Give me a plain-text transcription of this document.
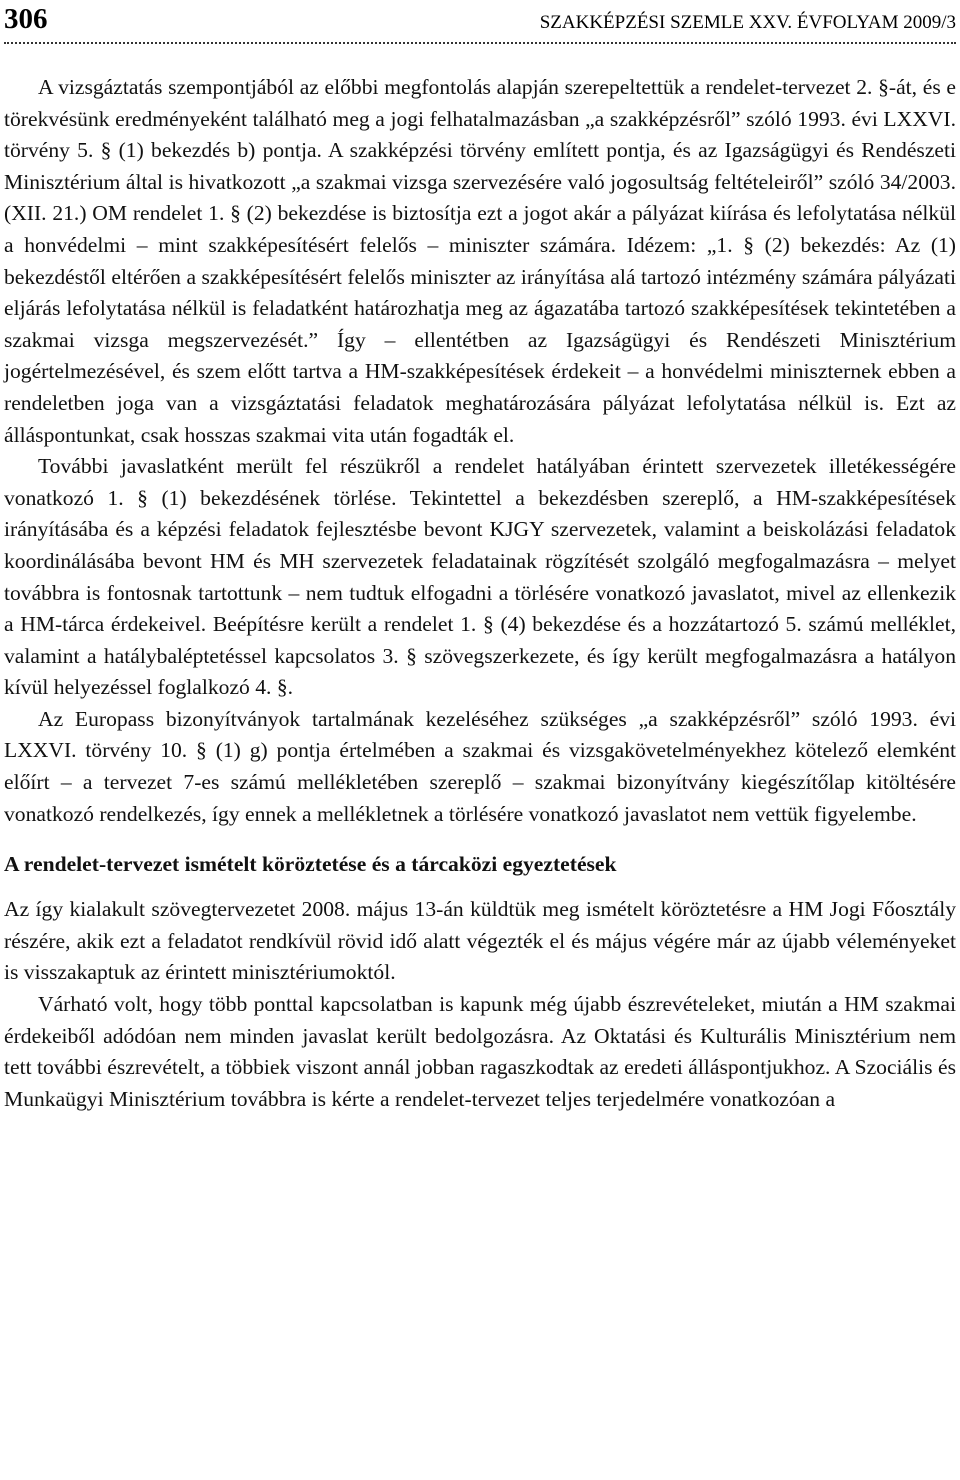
306	SZAKKÉPZÉSI SZEMLE XXV. ÉVFOLYAM 2009/3

A vizsgáztatás szempontjából az előbbi megfontolás alapján szerepeltettük a rendelet-tervezet 2. §-át, és e törekvésünk eredményeként található meg a jogi felhatalmazásban „a szakképzésről” szóló 1993. évi LXXVI. törvény 5. § (1) bekezdés b) pontja. A szakképzési törvény említett pontja, és az Igazságügyi és Rendészeti Minisztérium által is hivatkozott „a szakmai vizsga szervezésére való jogosultság feltételeiről” szóló 34/2003. (XII. 21.) OM rendelet 1. § (2) bekezdése is biztosítja ezt a jogot akár a pályázat kiírása és lefolytatása nélkül a honvédelmi – mint szakképesítésért felelős – miniszter számára. Idézem: „1. § (2) bekezdés: Az (1) bekezdéstől eltérően a szakképesítésért felelős miniszter az irányítása alá tartozó intézmény számára pályázati eljárás lefolytatása nélkül is feladatként határozhatja meg az ágazatába tartozó szakképesítések tekintetében a szakmai vizsga megszervezését.” Így – ellentétben az Igazságügyi és Rendészeti Minisztérium jogértelmezésével, és szem előtt tartva a HM-szakképesítések érdekeit – a honvédelmi miniszternek ebben a rendeletben joga van a vizsgáztatási feladatok meghatározására pályázat lefolytatása nélkül is. Ezt az álláspontunkat, csak hosszas szakmai vita után fogadták el.

További javaslatként merült fel részükről a rendelet hatályában érintett szervezetek illetékességére vonatkozó 1. § (1) bekezdésének törlése. Tekintettel a bekezdésben szereplő, a HM-szakképesítések irányításába és a képzési feladatok fejlesztésbe bevont KJGY szervezetek, valamint a beiskolázási feladatok koordinálásába bevont HM és MH szervezetek feladatainak rögzítését szolgáló megfogalmazásra – melyet továbbra is fontosnak tartottunk – nem tudtuk elfogadni a törlésére vonatkozó javaslatot, mivel az ellenkezik a HM-tárca érdekeivel. Beépítésre került a rendelet 1. § (4) bekezdése és a hozzátartozó 5. számú melléklet, valamint a hatálybaléptetéssel kapcsolatos 3. § szövegszerkezete, és így került megfogalmazásra a hatályon kívül helyezéssel foglalkozó 4. §.

Az Europass bizonyítványok tartalmának kezeléséhez szükséges „a szakképzésről” szóló 1993. évi LXXVI. törvény 10. § (1) g) pontja értelmében a szakmai és vizsgakövetelményekhez kötelező elemként előírt – a tervezet 7-es számú mellékletében szereplő – szakmai bizonyítvány kiegészítőlap kitöltésére vonatkozó rendelkezés, így ennek a mellékletnek a törlésére vonatkozó javaslatot nem vettük figyelembe.

A rendelet-tervezet ismételt köröztetése és a tárcaközi egyeztetések

Az így kialakult szövegtervezetet 2008. május 13-án küldtük meg ismételt köröztetésre a HM Jogi Főosztály részére, akik ezt a feladatot rendkívül rövid idő alatt végezték el és május végére már az újabb véleményeket is visszakaptuk az érintett minisztériumoktól.

Várható volt, hogy több ponttal kapcsolatban is kapunk még újabb észrevételeket, miután a HM szakmai érdekeiből adódóan nem minden javaslat került bedolgozásra. Az Oktatási és Kulturális Minisztérium nem tett további észrevételt, a többiek viszont annál jobban ragaszkodtak az eredeti álláspontjukhoz. A Szociális és Munkaügyi Minisztérium továbbra is kérte a rendelet-tervezet teljes terjedelmére vonatkozóan a
